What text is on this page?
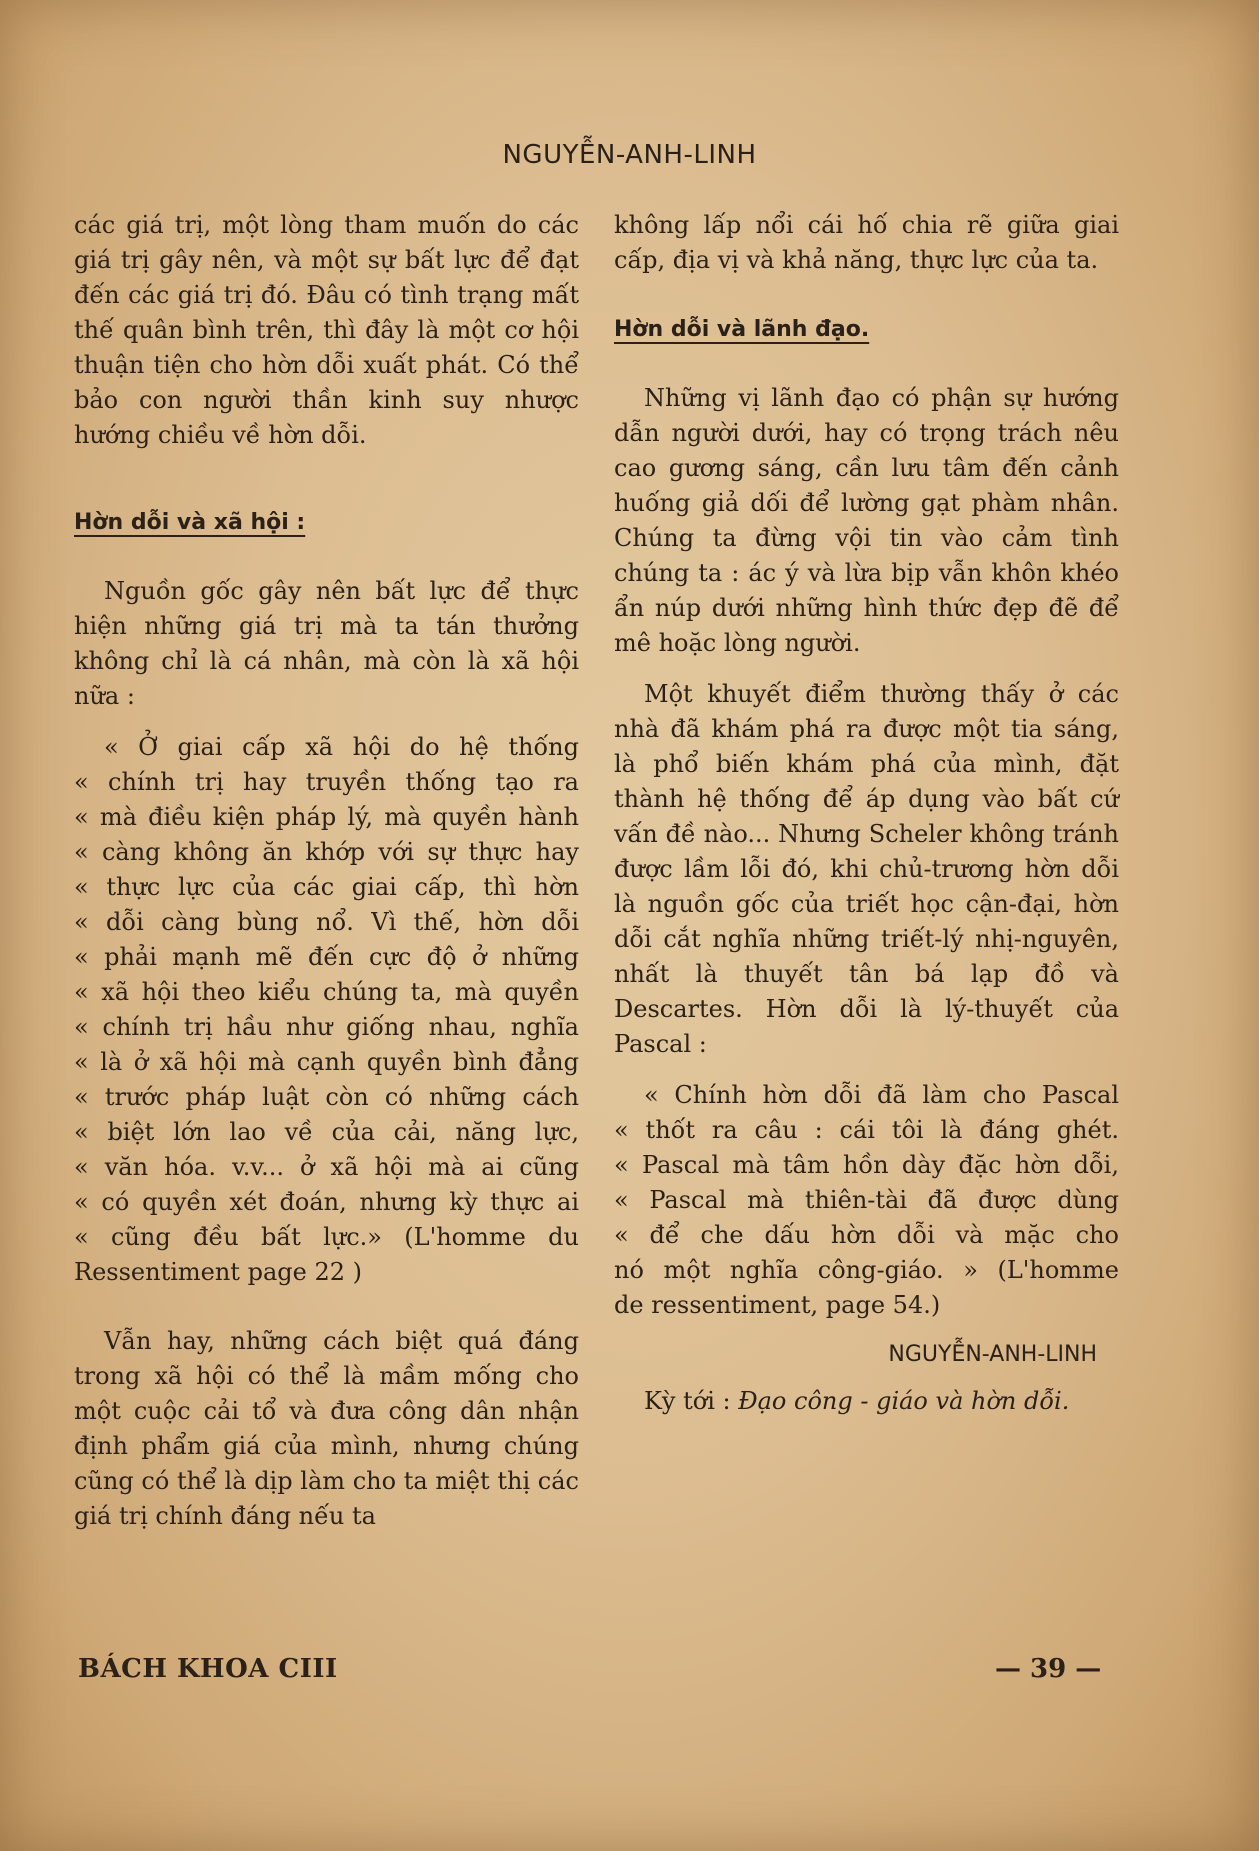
NGUYỄN-ANH-LINH

các giá trị, một lòng tham muốn do các giá trị gây nên, và một sự bất lực để đạt đến các giá trị đó. Đâu có tình trạng mất thế quân bình trên, thì đây là một cơ hội thuận tiện cho hờn dỗi xuất phát. Có thể bảo con người thần kinh suy nhược hướng chiều về hờn dỗi.

Hờn dỗi và xã hội :

Nguồn gốc gây nên bất lực để thực hiện những giá trị mà ta tán thưởng không chỉ là cá nhân, mà còn là xã hội nữa :

« Ở giai cấp xã hội do hệ thống

« chính trị hay truyền thống tạo ra

« mà điều kiện pháp lý, mà quyền hành

« càng không ăn khớp với sự thực hay

« thực lực của các giai cấp, thì hờn

« dỗi càng bùng nổ. Vì thế, hờn dỗi

« phải mạnh mẽ đến cực độ ở những

« xã hội theo kiểu chúng ta, mà quyền

« chính trị hầu như giống nhau, nghĩa

« là ở xã hội mà cạnh quyền bình đẳng

« trước pháp luật còn có những cách

« biệt lớn lao về của cải, năng lực,

« văn hóa. v.v... ở xã hội mà ai cũng

« có quyền xét đoán, nhưng kỳ thực ai

« cũng đều bất lực.» (L'homme du

Ressentiment page 22 )

Vẫn hay, những cách biệt quá đáng trong xã hội có thể là mầm mống cho một cuộc cải tổ và đưa công dân nhận định phẩm giá của mình, nhưng chúng cũng có thể là dịp làm cho ta miệt thị các giá trị chính đáng nếu ta

không lấp nổi cái hố chia rẽ giữa giai cấp, địa vị và khả năng, thực lực của ta.

Hờn dỗi và lãnh đạo.

Những vị lãnh đạo có phận sự hướng dẫn người dưới, hay có trọng trách nêu cao gương sáng, cần lưu tâm đến cảnh huống giả dối để lường gạt phàm nhân. Chúng ta đừng vội tin vào cảm tình chúng ta : ác ý và lừa bịp vẫn khôn khéo ẩn núp dưới những hình thức đẹp đẽ để mê hoặc lòng người.

Một khuyết điểm thường thấy ở các nhà đã khám phá ra được một tia sáng, là phổ biến khám phá của mình, đặt thành hệ thống để áp dụng vào bất cứ vấn đề nào... Nhưng Scheler không tránh được lầm lỗi đó, khi chủ-trương hờn dỗi là nguồn gốc của triết học cận-đại, hờn dỗi cắt nghĩa những triết-lý nhị-nguyên, nhất là thuyết tân bá lạp đồ và Descartes. Hờn dỗi là lý-thuyết của Pascal :

« Chính hờn dỗi đã làm cho Pascal

« thốt ra câu : cái tôi là đáng ghét.

« Pascal mà tâm hồn dày đặc hờn dỗi,

« Pascal mà thiên-tài đã được dùng

« để che dấu hờn dỗi và mặc cho

nó một nghĩa công-giáo. » (L'homme

de ressentiment, page 54.)

NGUYỄN-ANH-LINH

Kỳ tới : Đạo công - giáo và hờn dỗi.

BÁCH KHOA CIII	— 39 —
